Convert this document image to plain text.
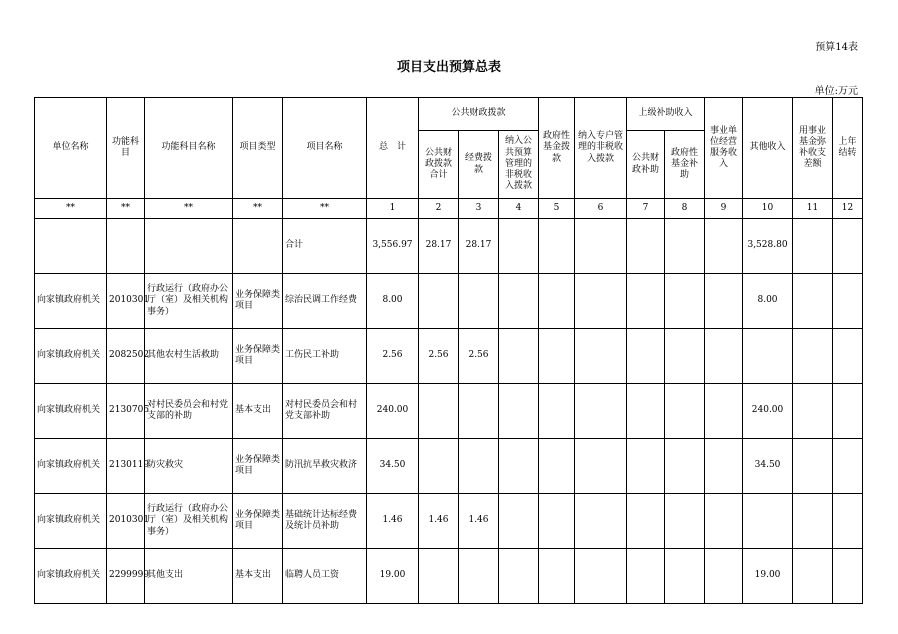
预算14表
项目支出预算总表
单位:万元
单位名称	功能科目	功能科目名称	项目类型	项目名称	总　计	公共财政拨款			政府性基金拨款	纳入专户管理的非税收入拨款	上级补助收入		事业单位经营服务收入	其他收入	用事业基金弥补收支差额	上年结转
						公共财政拨款合计	经费拨款	纳入公共预算管理的非税收入拨款			公共财政补助	政府性基金补助				
**	**	**	**	**	1	2	3	4	5	6	7	8	9	10	11	12
				合计	3,556.97	28.17	28.17							3,528.80		
向家镇政府机关	2010301	行政运行（政府办公厅（室）及相关机构事务）	业务保障类项目	综治民调工作经费	8.00									8.00		
向家镇政府机关	2082502	其他农村生活救助	业务保障类项目	工伤民工补助	2.56	2.56	2.56									
向家镇政府机关	2130705	对村民委员会和村党支部的补助	基本支出	对村民委员会和村党支部补助	240.00									240.00		
向家镇政府机关	2130119	防灾救灾	业务保障类项目	防汛抗旱救灾救济	34.50									34.50		
向家镇政府机关	2010301	行政运行（政府办公厅（室）及相关机构事务）	业务保障类项目	基础统计达标经费及统计员补助	1.46	1.46	1.46									
向家镇政府机关	2299999	其他支出	基本支出	临聘人员工资	19.00									19.00		
